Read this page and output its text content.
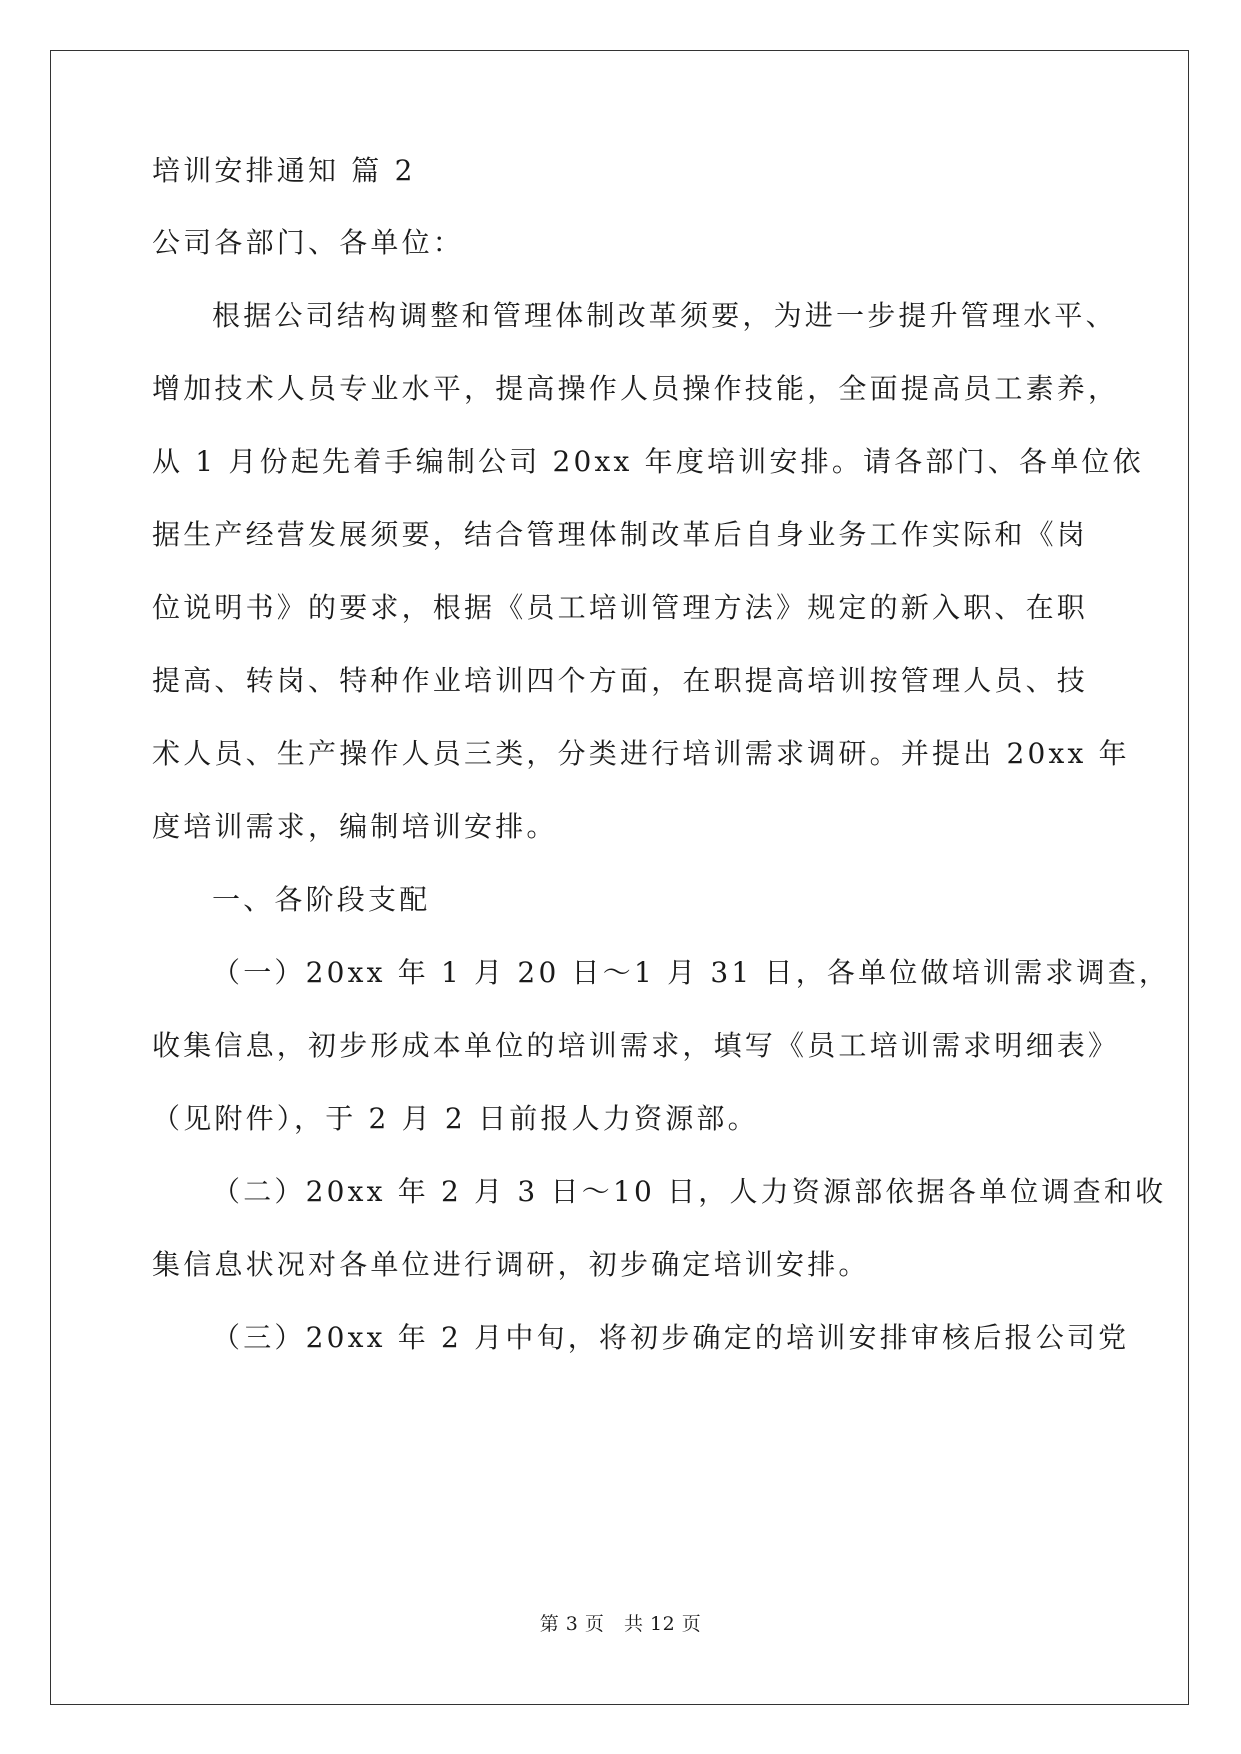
培训安排通知 篇 2
公司各部门、各单位：
根据公司结构调整和管理体制改革须要，为进一步提升管理水平、
增加技术人员专业水平，提高操作人员操作技能，全面提高员工素养，
从 1 月份起先着手编制公司 20xx 年度培训安排。请各部门、各单位依
据生产经营发展须要，结合管理体制改革后自身业务工作实际和《岗
位说明书》的要求，根据《员工培训管理方法》规定的新入职、在职
提高、转岗、特种作业培训四个方面，在职提高培训按管理人员、技
术人员、生产操作人员三类，分类进行培训需求调研。并提出 20xx 年
度培训需求，编制培训安排。
一、各阶段支配
（一）20xx 年 1 月 20 日～1 月 31 日，各单位做培训需求调查，
收集信息，初步形成本单位的培训需求，填写《员工培训需求明细表》
（见附件），于 2 月 2 日前报人力资源部。
（二）20xx 年 2 月 3 日～10 日，人力资源部依据各单位调查和收
集信息状况对各单位进行调研，初步确定培训安排。
（三）20xx 年 2 月中旬，将初步确定的培训安排审核后报公司党
第 3 页   共 12 页
